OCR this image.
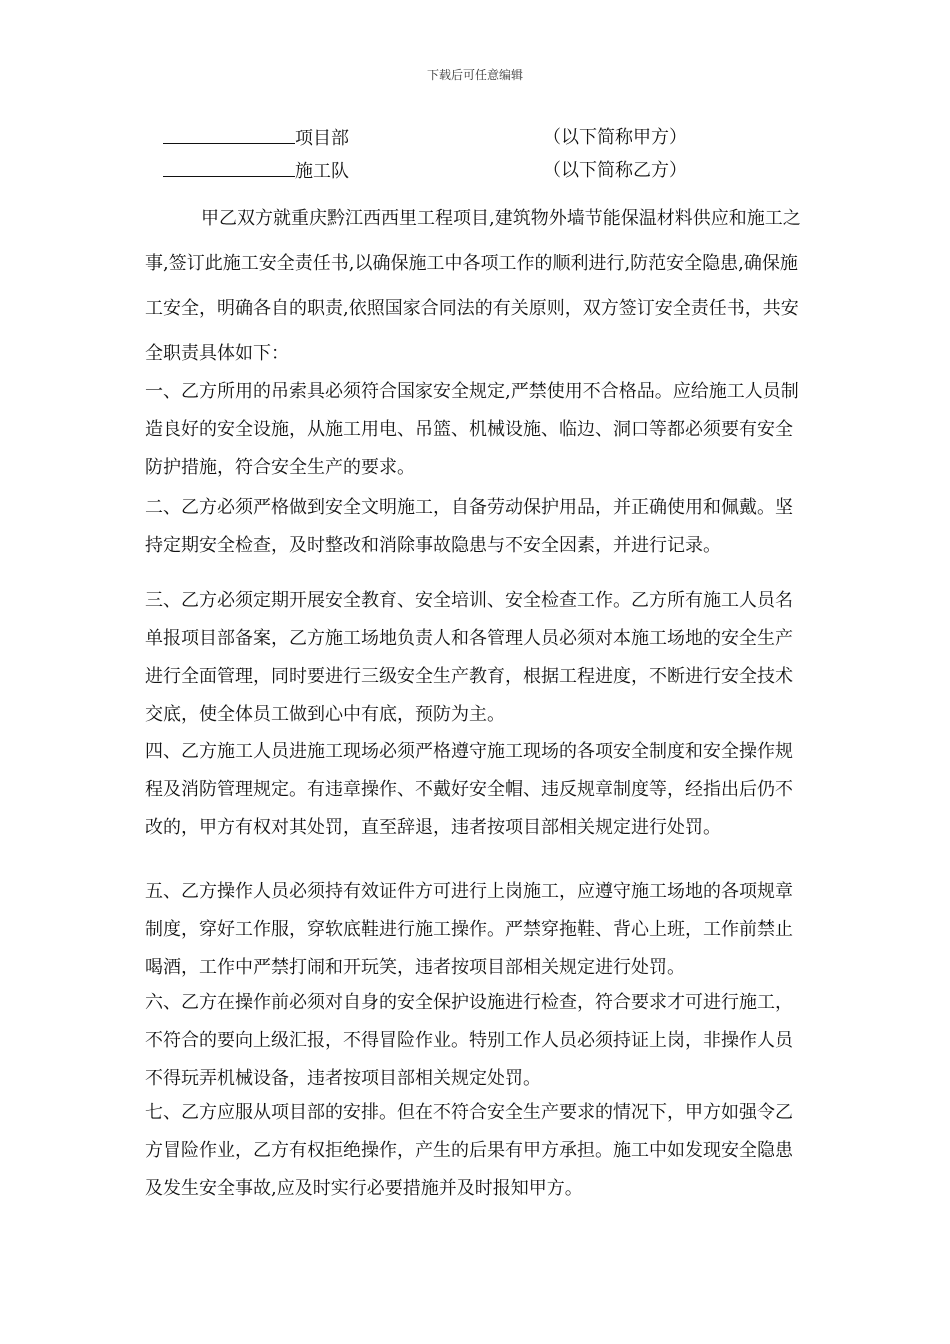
下载后可任意编辑
项目部	（以下简称甲方）
施工队	（以下简称乙方）
甲乙双方就重庆黔江西西里工程项目,建筑物外墙节能保温材料供应和施工之事,签订此施工安全责任书,以确保施工中各项工作的顺利进行,防范安全隐患,确保施工安全，明确各自的职责,依照国家合同法的有关原则，双方签订安全责任书，共安全职责具体如下：
一、乙方所用的吊索具必须符合国家安全规定,严禁使用不合格品。应给施工人员制造良好的安全设施，从施工用电、吊篮、机械设施、临边、洞口等都必须要有安全防护措施，符合安全生产的要求。
二、乙方必须严格做到安全文明施工，自备劳动保护用品，并正确使用和佩戴。坚持定期安全检查，及时整改和消除事故隐患与不安全因素，并进行记录。
三、乙方必须定期开展安全教育、安全培训、安全检查工作。乙方所有施工人员名单报项目部备案，乙方施工场地负责人和各管理人员必须对本施工场地的安全生产进行全面管理，同时要进行三级安全生产教育，根据工程进度，不断进行安全技术交底，使全体员工做到心中有底，预防为主。
四、乙方施工人员进施工现场必须严格遵守施工现场的各项安全制度和安全操作规程及消防管理规定。有违章操作、不戴好安全帽、违反规章制度等，经指出后仍不改的，甲方有权对其处罚，直至辞退，违者按项目部相关规定进行处罚。
五、乙方操作人员必须持有效证件方可进行上岗施工，应遵守施工场地的各项规章制度，穿好工作服，穿软底鞋进行施工操作。严禁穿拖鞋、背心上班，工作前禁止喝酒，工作中严禁打闹和开玩笑，违者按项目部相关规定进行处罚。
六、乙方在操作前必须对自身的安全保护设施进行检查，符合要求才可进行施工，不符合的要向上级汇报，不得冒险作业。特别工作人员必须持证上岗，非操作人员不得玩弄机械设备，违者按项目部相关规定处罚。
七、乙方应服从项目部的安排。但在不符合安全生产要求的情况下，甲方如强令乙方冒险作业，乙方有权拒绝操作，产生的后果有甲方承担。施工中如发现安全隐患及发生安全事故,应及时实行必要措施并及时报知甲方。
